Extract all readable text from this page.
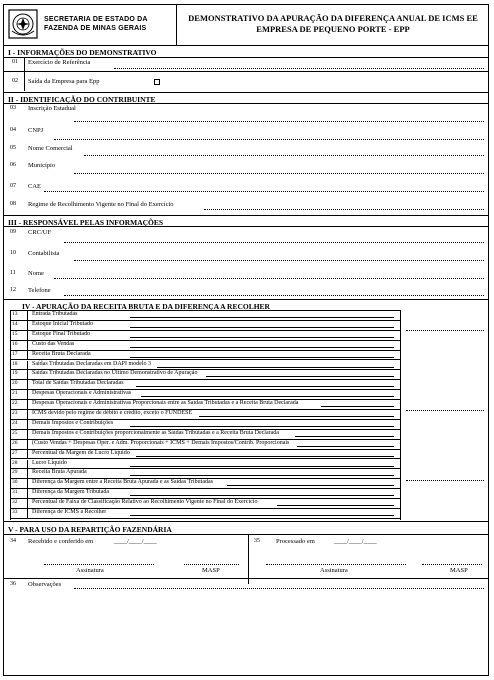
SECRETARIA DE ESTADO DA
FAZENDA DE MINAS GERAIS
DEMONSTRATIVO DA APURAÇÃO DA DIFERENÇA ANUAL DE ICMS EE
EMPRESA DE PEQUENO PORTE - EPP
I - INFORMAÇÕES DO DEMONSTRATIVO
01 Exercício de Referência
02 Saída da Empresa para Epp
II - IDENTIFICAÇÃO DO CONTRIBUINTE
03 Inscrição Estadual
04 CNPJ
05 Nome Comercial
06 Município
07 CAE
08 Regime de Recolhimento Vigente no Final do Exercício
III - RESPONSÁVEL PELAS INFORMAÇÕES
09 CRC/UF
10 Contabilista
11 Nome
12 Telefone
IV - APURAÇÃO DA RECEITA BRUTA E DA DIFERENÇA A RECOLHER
13 Entrada Tributadas
14 Estoque Inicial Tributado
15 Estoque Final Tributado
16 Custo das Vendas
17 Receita Bruta Declarada
18 Saídas Tributadas Declaradas em DAPI modelo 3
19 Saídas Tributadas Declaradas no Último Demonstrativo de Apuração
20 Total de Saídas Tributadas Declaradas
21 Despesas Operacionais e Administrativas
22 Despesas Operacionais e Administrativas Proporcionais entre as Saídas Tributadas e a Receita Bruta Declarada
23 ICMS devido pelo regime de débito e crédito, exceto o FUNDESE
24 Demais Impostos e Contribuições
25 Demais Impostos e Contribuições proporcionalmente as Saídas Tributadas e a Receita Bruta Declarada
26 (Custo Vendas + Despesas Oper. e Adm. Proporcionais + ICMS + Demais Impostos/Contrib. Proporcionais
27 Percentual da Margem de Lucro Líquido
28 Lucro Líquido
29 Receita Bruta Apurada
30 Diferença da Margem entre a Receita Bruta Apurada e as Saídas Tributadas
31 Diferença da Margem Tributada
32 Percentual de Faixa de Classificação Relativo ao Recolhimento Vigente no Final do Exercício
33 Diferença de ICMS a Recolher
V - PARA USO DA REPARTIÇÃO FAZENDÁRIA
34 Recebido e conferido em	____/____/____	35 Processado em	____/____/____
Assinatura	MASP	Assinatura	MASP
36 Observações
